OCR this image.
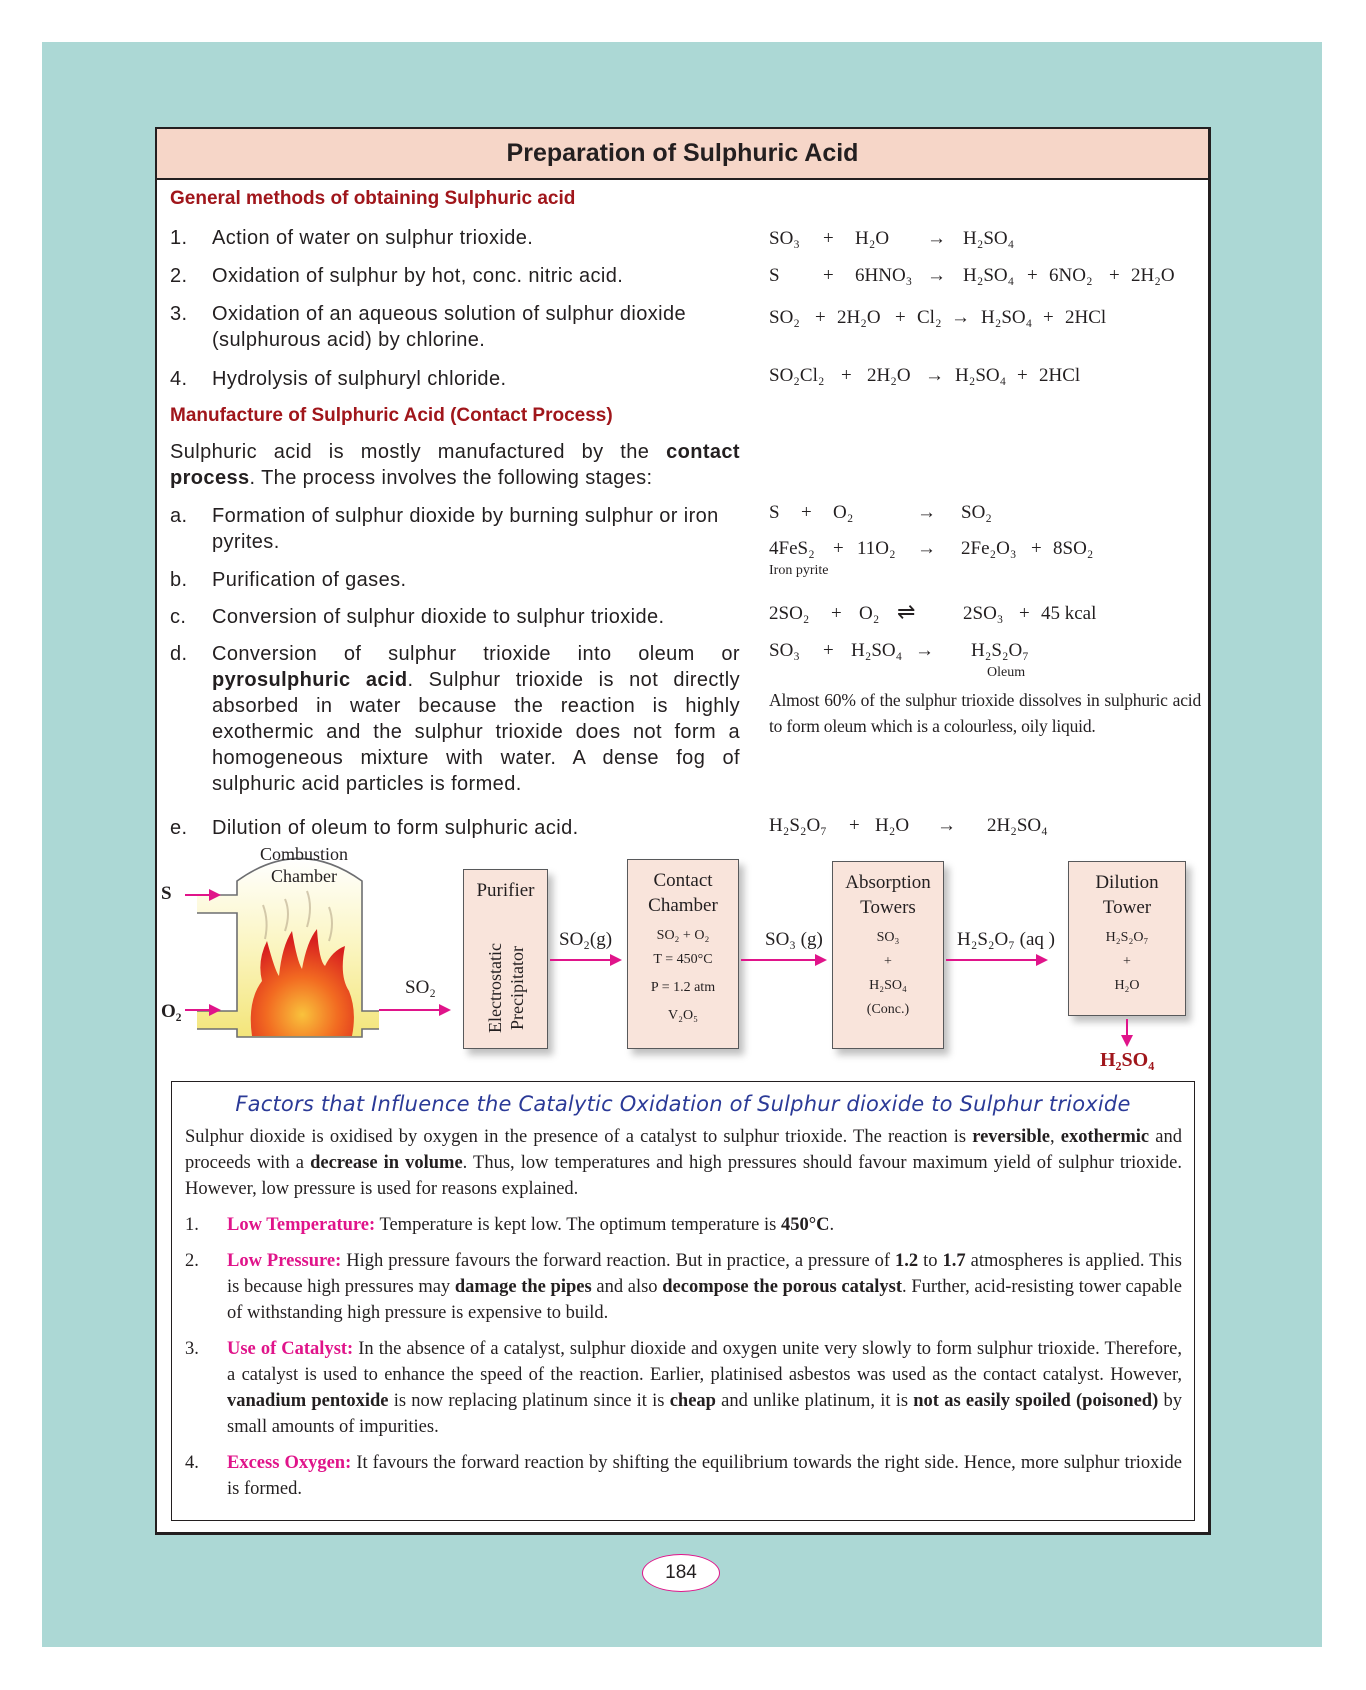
Preparation of Sulphuric Acid
General methods of obtaining Sulphuric acid
1. Action of water on sulphur trioxide.
2. Oxidation of sulphur by hot, conc. nitric acid.
3. Oxidation of an aqueous solution of sulphur dioxide
(sulphurous acid) by chlorine.
4. Hydrolysis of sulphuryl chloride.
SO₃	+	H₂O	→ H₂SO₄
S	+	6HNO₃ → H₂SO₄ + 6NO₂ + 2H₂O
SO₂ + 2H₂O + Cl₂ → H₂SO₄ + 2HCl
SO₂Cl₂ + 2H₂O → H₂SO₄ + 2HCl
Manufacture of Sulphuric Acid (Contact Process)
Sulphuric acid is mostly manufactured by the contact process. The process involves the following stages:
a.	Formation of sulphur dioxide by burning sulphur or iron pyrites.
b. Purification of gases.
c. Conversion of sulphur dioxide to sulphur trioxide.
d.	Conversion of sulphur trioxide into oleum or pyrosulphuric acid. Sulphur trioxide is not directly absorbed in water because the reaction is highly exothermic and the sulphur trioxide does not form a homogeneous mixture with water. A dense fog of sulphuric acid particles is formed.
e. Dilution of oleum to form sulphuric acid.
S	+	O₂	→	SO₂
4FeS₂ + 11O₂	→	2Fe₂O₃ + 8SO₂
Iron pyrite
2SO₂	+ O₂ ⇌	2SO₃ + 45 kcal
SO₃	+ H₂SO₄ →	H₂S₂O₇
Oleum
Almost 60% of the sulphur trioxide dissolves in sulphuric acid to form oleum which is a colourless, oily liquid.
H₂S₂O₇	+ H₂O	→	2H₂SO₄
Combustion
Chamber
S
O₂
SO₂
Purifier
Electrostatic Precipitator
SO₂(g)
Contact
Chamber
SO₂ + O₂
T = 450°C
P = 1.2 atm
V₂O₅
SO₃ (g)
Absorption
Towers
SO₃
+
H₂SO₄
(Conc.)
H₂S₂O₇ (aq )
Dilution
Tower
H₂S₂O₇
+
H₂O
H₂SO₄
Factors that Influence the Catalytic Oxidation of Sulphur dioxide to Sulphur trioxide

Sulphur dioxide is oxidised by oxygen in the presence of a catalyst to sulphur trioxide. The reaction is reversible, exothermic and proceeds with a decrease in volume. Thus, low temperatures and high pressures should favour maximum yield of sulphur trioxide. However, low pressure is used for reasons explained.

1.	Low Temperature: Temperature is kept low. The optimum temperature is 450°C.
2.	Low Pressure: High pressure favours the forward reaction. But in practice, a pressure of 1.2 to 1.7 atmospheres is applied. This is because high pressures may damage the pipes and also decompose the porous catalyst. Further, acid-resisting tower capable of withstanding high pressure is expensive to build.
3.	Use of Catalyst: In the absence of a catalyst, sulphur dioxide and oxygen unite very slowly to form sulphur trioxide. Therefore, a catalyst is used to enhance the speed of the reaction. Earlier, platinised asbestos was used as the contact catalyst. However, vanadium pentoxide is now replacing platinum since it is cheap and unlike platinum, it is not as easily spoiled (poisoned) by small amounts of impurities.
4.	Excess Oxygen: It favours the forward reaction by shifting the equilibrium towards the right side. Hence, more sulphur trioxide is formed.
184
